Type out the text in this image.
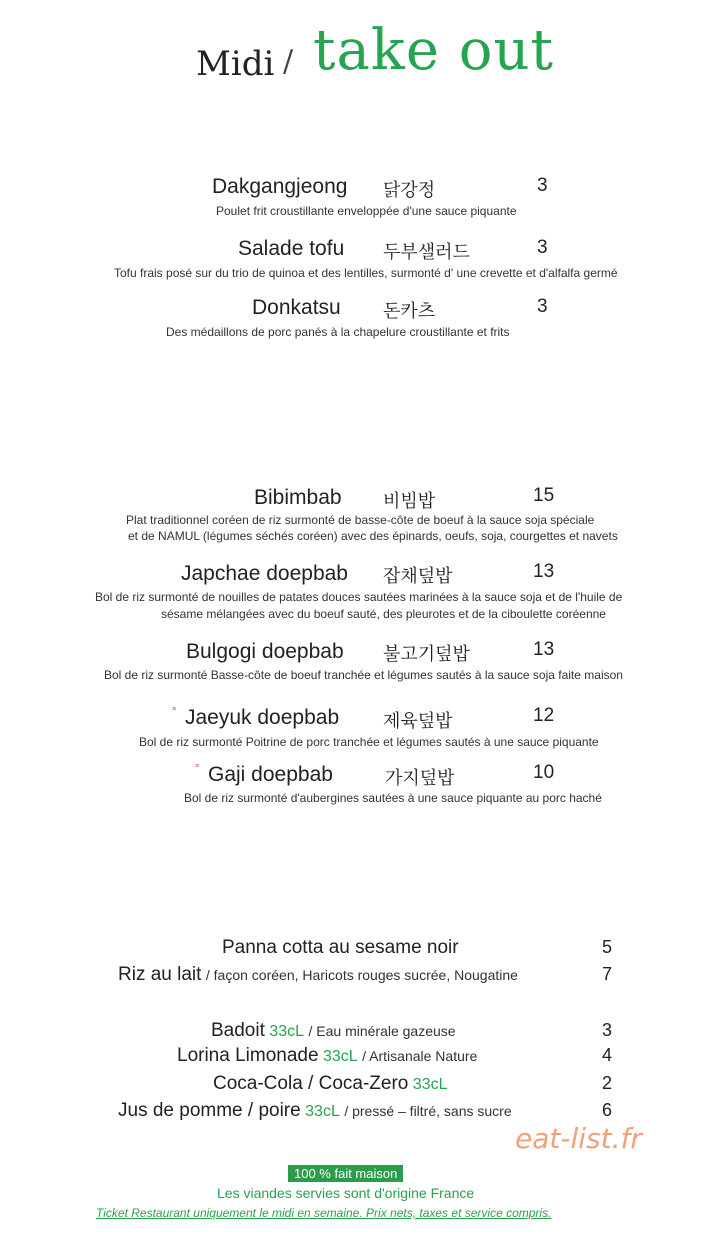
Midi / take out
Dakgangjeong 닭강정	3
Poulet frit croustillante enveloppée d'une sauce piquante
Salade tofu 두부샐러드	3
Tofu frais posé sur du trio de quinoa et des lentilles, surmonté d' une crevette et d'alfalfa germé
Donkatsu 돈카츠	3
Des médaillons de porc panés à la chapelure croustillante et frits
Bibimbab 비빔밥	15
Plat traditionnel coréen de riz surmonté de basse-côte de boeuf à la sauce soja spéciale
et de NAMUL (légumes séchés coréen) avec des épinards, oeufs, soja, courgettes et navets
Japchae doepbab 잡채덮밥	13
Bol de riz surmonté de nouilles de patates douces sautées marinées à la sauce soja et de l'huile de
sésame mélangées avec du boeuf sauté, des pleurotes et de la ciboulette coréenne
Bulgogi doepbab 불고기덮밥	13
Bol de riz surmonté Basse-côte de boeuf tranchée et légumes sautés à la sauce soja faite maison
° Jaeyuk doepbab 제육덮밥	12
Bol de riz surmonté Poitrine de porc tranchée et légumes sautés à une sauce piquante
° Gaji doepbab	가지덮밥	10
Bol de riz surmonté d'aubergines sautées à une sauce piquante au porc haché
Panna cotta au sesame noir	5
Riz au lait / façon coréen, Haricots rouges sucrée, Nougatine	7
Badoit 33cL / Eau minérale gazeuse	3
Lorina Limonade 33cL / Artisanale Nature	4
Coca-Cola / Coca-Zero 33cL	2
Jus de pomme / poire 33cL / pressé – filtré, sans sucre	6
eat-list.fr
100 % fait maison
Les viandes servies sont d'origine France
Ticket Restaurant uniquement le midi en semaine. Prix nets, taxes et service compris.
